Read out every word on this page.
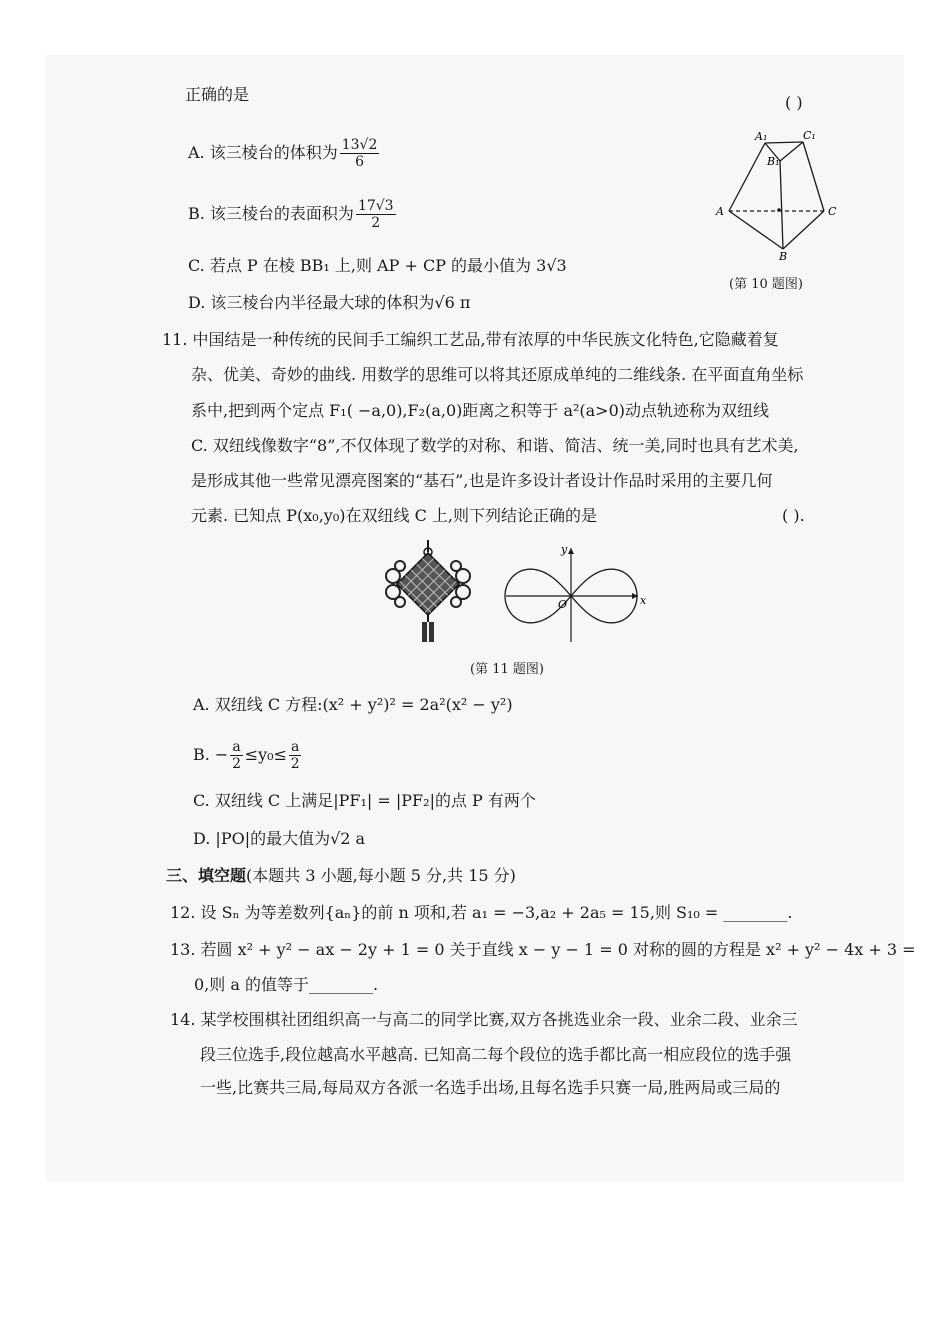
正确的是	( )
A. 该三棱台的体积为 $\frac{13√2}{6}$
B. 该三棱台的表面积为 $\frac{17√3}{2}$
C. 若点 P 在棱 BB₁ 上,则 AP + CP 的最小值为 3√3
D. 该三棱台内半径最大球的体积为√6 π
A₁	C₁
B₁
A	C
B
(第 10 题图)
11. 中国结是一种传统的民间手工编织工艺品,带有浓厚的中华民族文化特色,它隐藏着复
杂、优美、奇妙的曲线. 用数学的思维可以将其还原成单纯的二维线条. 在平面直角坐标
系中,把到两个定点 F₁( −a,0),F₂(a,0)距离之积等于 a²(a>0)动点轨迹称为双纽线
C. 双纽线像数字“8”,不仅体现了数学的对称、和谐、简洁、统一美,同时也具有艺术美,
是形成其他一些常见漂亮图案的“基石”,也是许多设计者设计作品时采用的主要几何
元素. 已知点 P(x₀,y₀)在双纽线 C 上,则下列结论正确的是	( ).
y
x
O
(第 11 题图)
A. 双纽线 C 方程:(x² + y²)² = 2a²(x² − y²)
B. − $\frac{a}{2} \le y_0\le \frac{a}{2}$
C. 双纽线 C 上满足|PF₁| = |PF₂|的点 P 有两个
D. |PO|的最大值为√2 a
三、填空题(本题共 3 小题,每小题 5 分,共 15 分)
12. 设 Sₙ 为等差数列{aₙ}的前 n 项和,若 a₁ = −3,a₂ + 2a₅ = 15,则 S₁₀ = ________.
13. 若圆 x² + y² − ax − 2y + 1 = 0 关于直线 x − y − 1 = 0 对称的圆的方程是 x² + y² − 4x + 3 =
0,则 a 的值等于________.
14. 某学校围棋社团组织高一与高二的同学比赛,双方各挑选业余一段、业余二段、业余三
段三位选手,段位越高水平越高. 已知高二每个段位的选手都比高一相应段位的选手强
一些,比赛共三局,每局双方各派一名选手出场,且每名选手只赛一局,胜两局或三局的
